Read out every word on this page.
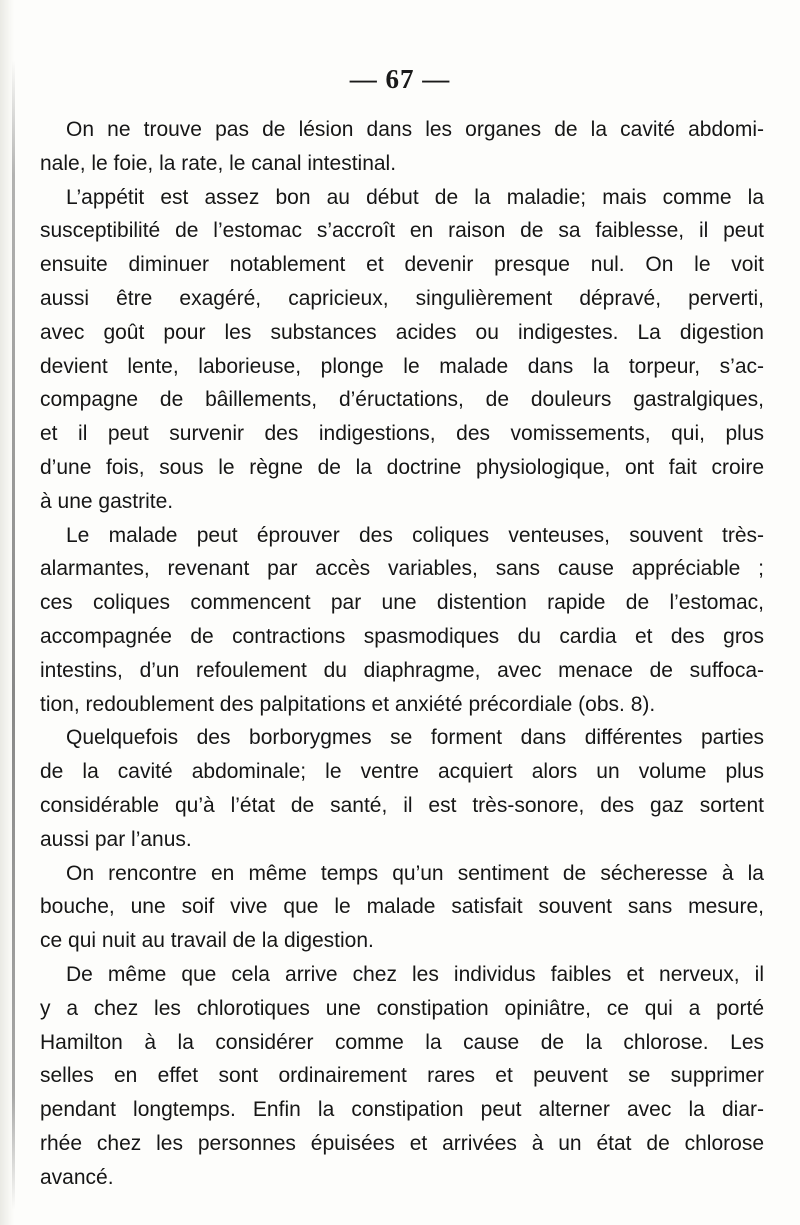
— 67 —
On ne trouve pas de lésion dans les organes de la cavité abdomi-
nale, le foie, la rate, le canal intestinal.
L’appétit est assez bon au début de la maladie; mais comme la
susceptibilité de l’estomac s’accroît en raison de sa faiblesse, il peut
ensuite diminuer notablement et devenir presque nul. On le voit
aussi être exagéré, capricieux, singulièrement dépravé, perverti,
avec goût pour les substances acides ou indigestes. La digestion
devient lente, laborieuse, plonge le malade dans la torpeur, s’ac-
compagne de bâillements, d’éructations, de douleurs gastralgiques,
et il peut survenir des indigestions, des vomissements, qui, plus
d’une fois, sous le règne de la doctrine physiologique, ont fait croire
à une gastrite.
Le malade peut éprouver des coliques venteuses, souvent très-
alarmantes, revenant par accès variables, sans cause appréciable ;
ces coliques commencent par une distention rapide de l’estomac,
accompagnée de contractions spasmodiques du cardia et des gros
intestins, d’un refoulement du diaphragme, avec menace de suffoca-
tion, redoublement des palpitations et anxiété précordiale (obs. 8).
Quelquefois des borborygmes se forment dans différentes parties
de la cavité abdominale; le ventre acquiert alors un volume plus
considérable qu’à l’état de santé, il est très-sonore, des gaz sortent
aussi par l’anus.
On rencontre en même temps qu’un sentiment de sécheresse à la
bouche, une soif vive que le malade satisfait souvent sans mesure,
ce qui nuit au travail de la digestion.
De même que cela arrive chez les individus faibles et nerveux, il
y a chez les chlorotiques une constipation opiniâtre, ce qui a porté
Hamilton à la considérer comme la cause de la chlorose. Les
selles en effet sont ordinairement rares et peuvent se supprimer
pendant longtemps. Enfin la constipation peut alterner avec la diar-
rhée chez les personnes épuisées et arrivées à un état de chlorose
avancé.
